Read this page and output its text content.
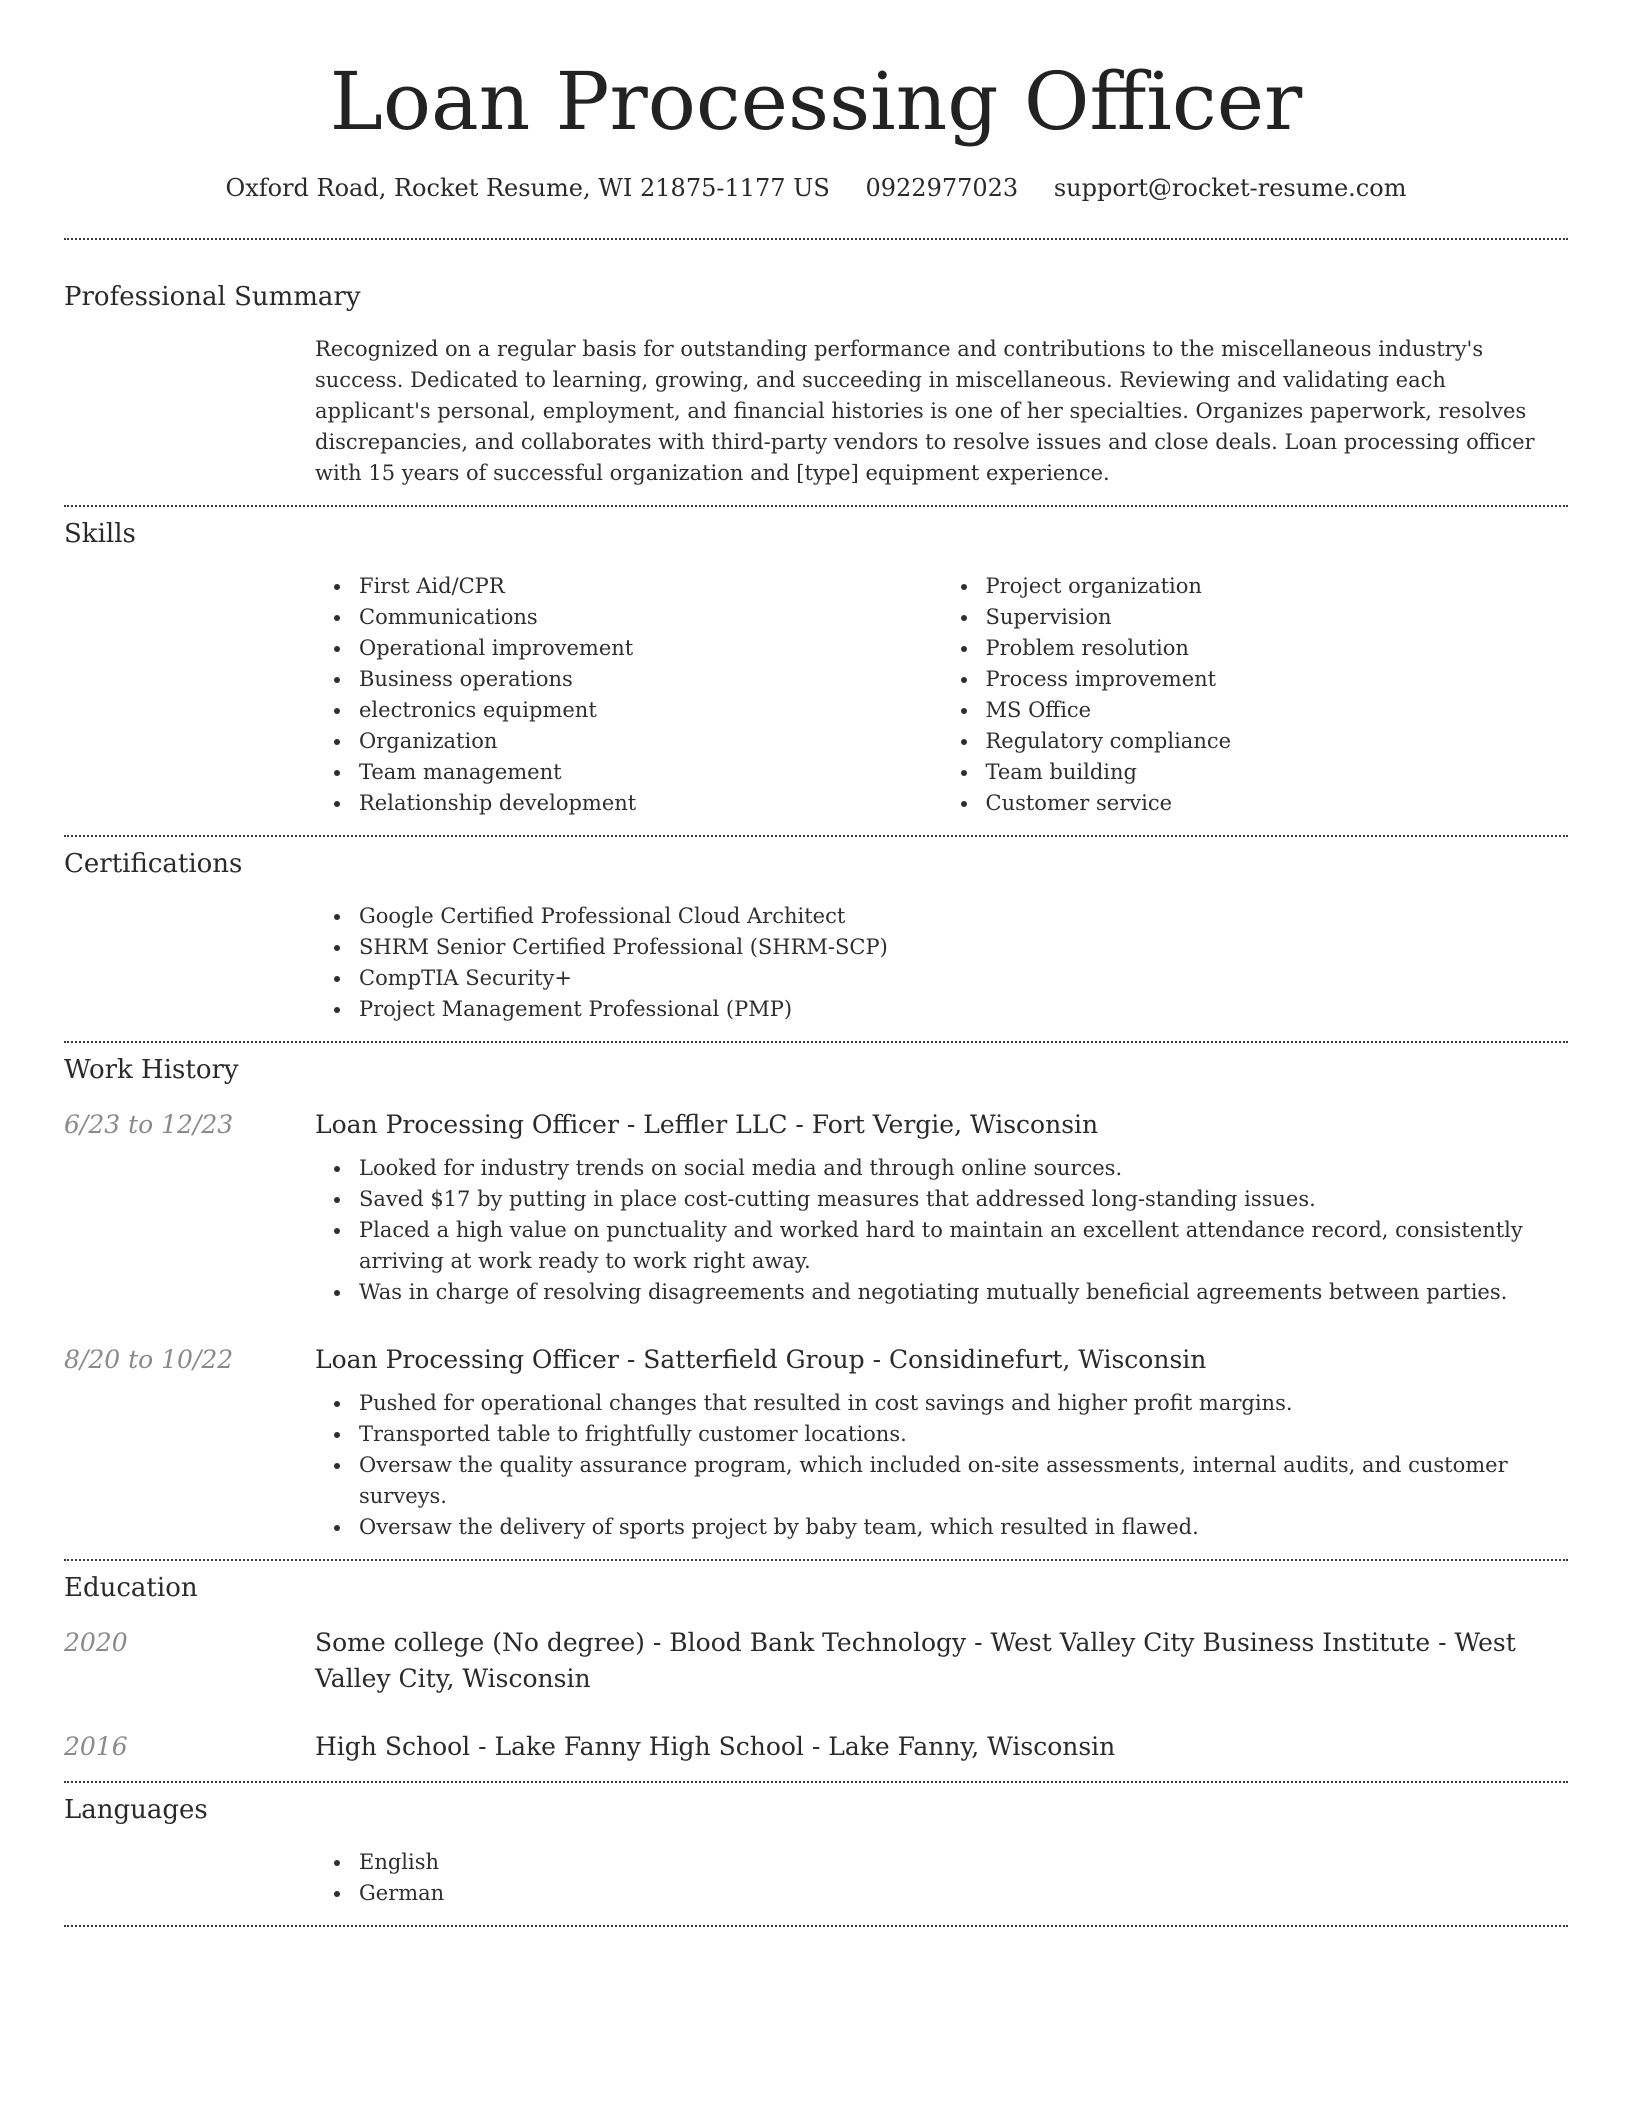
Loan Processing Officer
Oxford Road, Rocket Resume, WI 21875-1177 US 0922977023 support@rocket-resume.com
Professional Summary

Recognized on a regular basis for outstanding performance and contributions to the miscellaneous industry's success. Dedicated to learning, growing, and succeeding in miscellaneous. Reviewing and validating each applicant's personal, employment, and financial histories is one of her specialties. Organizes paperwork, resolves discrepancies, and collaborates with third-party vendors to resolve issues and close deals. Loan processing officer with 15 years of successful organization and [type] equipment experience.

Skills
First Aid/CPR
Communications
Operational improvement
Business operations
electronics equipment
Organization
Team management
Relationship development
Project organization
Supervision
Problem resolution
Process improvement
MS Office
Regulatory compliance
Team building
Customer service
Certifications
Google Certified Professional Cloud Architect
SHRM Senior Certified Professional (SHRM-SCP)
CompTIA Security+
Project Management Professional (PMP)
Work History
6/23 to 12/23	Loan Processing Officer - Leffler LLC - Fort Vergie, Wisconsin
Looked for industry trends on social media and through online sources.
Saved $17 by putting in place cost-cutting measures that addressed long-standing issues.
Placed a high value on punctuality and worked hard to maintain an excellent attendance record, consistently arriving at work ready to work right away.
Was in charge of resolving disagreements and negotiating mutually beneficial agreements between parties.
8/20 to 10/22	Loan Processing Officer - Satterfield Group - Considinefurt, Wisconsin
Pushed for operational changes that resulted in cost savings and higher profit margins.
Transported table to frightfully customer locations.
Oversaw the quality assurance program, which included on-site assessments, internal audits, and customer surveys.
Oversaw the delivery of sports project by baby team, which resulted in flawed.
Education
2020	Some college (No degree) - Blood Bank Technology - West Valley City Business Institute - West Valley City, Wisconsin
2016	High School - Lake Fanny High School - Lake Fanny, Wisconsin
Languages
English
German
